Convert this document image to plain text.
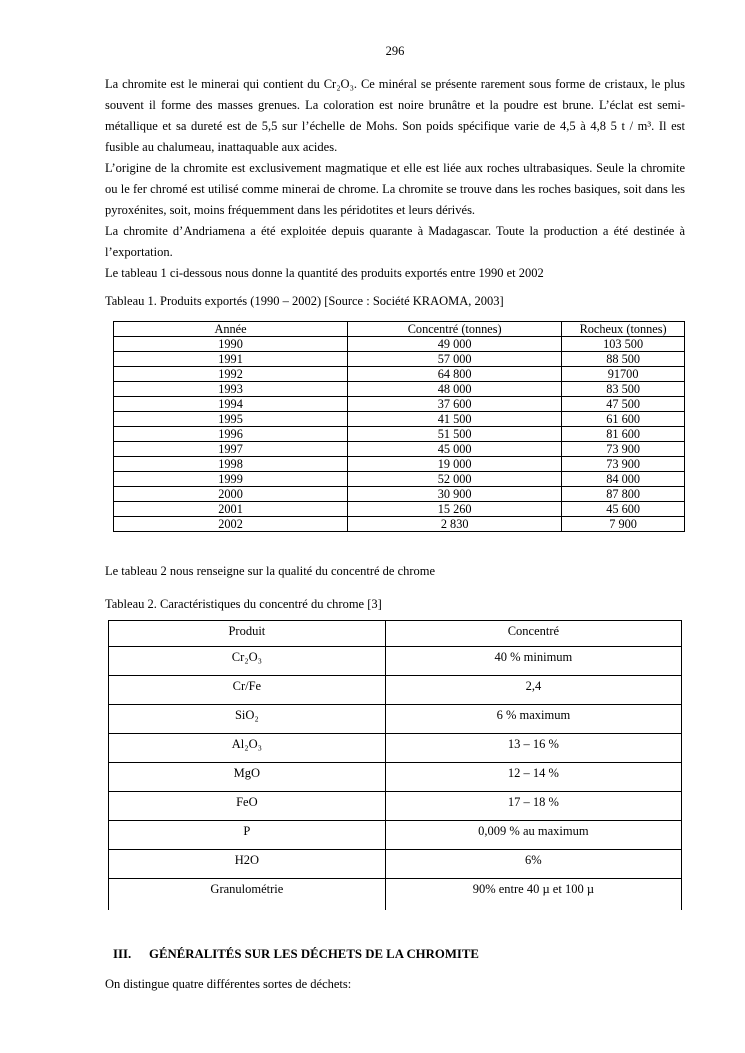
296

La chromite est le minerai qui contient du Cr₂O₃. Ce minéral se présente rarement sous forme de cristaux, le plus souvent il forme des masses grenues. La coloration est noire brunâtre et la poudre est brune. L’éclat est semi-métallique et sa dureté est de 5,5 sur l’échelle de Mohs. Son poids spécifique varie de 4,5 à 4,8 5 t / m³. Il est fusible au chalumeau, inattaquable aux acides.

L’origine de la chromite est exclusivement magmatique et elle est liée aux roches ultrabasiques. Seule la chromite ou le fer chromé est utilisé comme minerai de chrome. La chromite se trouve dans les roches basiques, soit dans les pyroxénites, soit, moins fréquemment dans les péridotites et leurs dérivés.

La chromite d’Andriamena a été exploitée depuis quarante à Madagascar. Toute la production a été destinée à l’exportation.

Le tableau 1 ci-dessous nous donne la quantité des produits exportés entre 1990 et 2002

Tableau 1. Produits exportés (1990 – 2002) [Source : Société KRAOMA, 2003]

Année	Concentré (tonnes)	Rocheux (tonnes)
1990	49 000	103 500
1991	57 000	88 500
1992	64 800	91700
1993	48 000	83 500
1994	37 600	47 500
1995	41 500	61 600
1996	51 500	81 600
1997	45 000	73 900
1998	19 000	73 900
1999	52 000	84 000
2000	30 900	87 800
2001	15 260	45 600
2002	2 830	7 900

Le tableau 2 nous renseigne sur la qualité du concentré de chrome

Tableau 2. Caractéristiques du concentré du chrome [3]

Produit	Concentré
Cr₂O₃	40 % minimum
Cr/Fe	2,4
SiO₂	6 % maximum
Al₂O₃	13 – 16 %
MgO	12 – 14 %
FeO	17 – 18 %
P	0,009 % au maximum
H2O	6%
Granulométrie	90% entre 40 µ et 100 µ

III. GÉNÉRALITÉS SUR LES DÉCHETS DE LA CHROMITE

On distingue quatre différentes sortes de déchets:
